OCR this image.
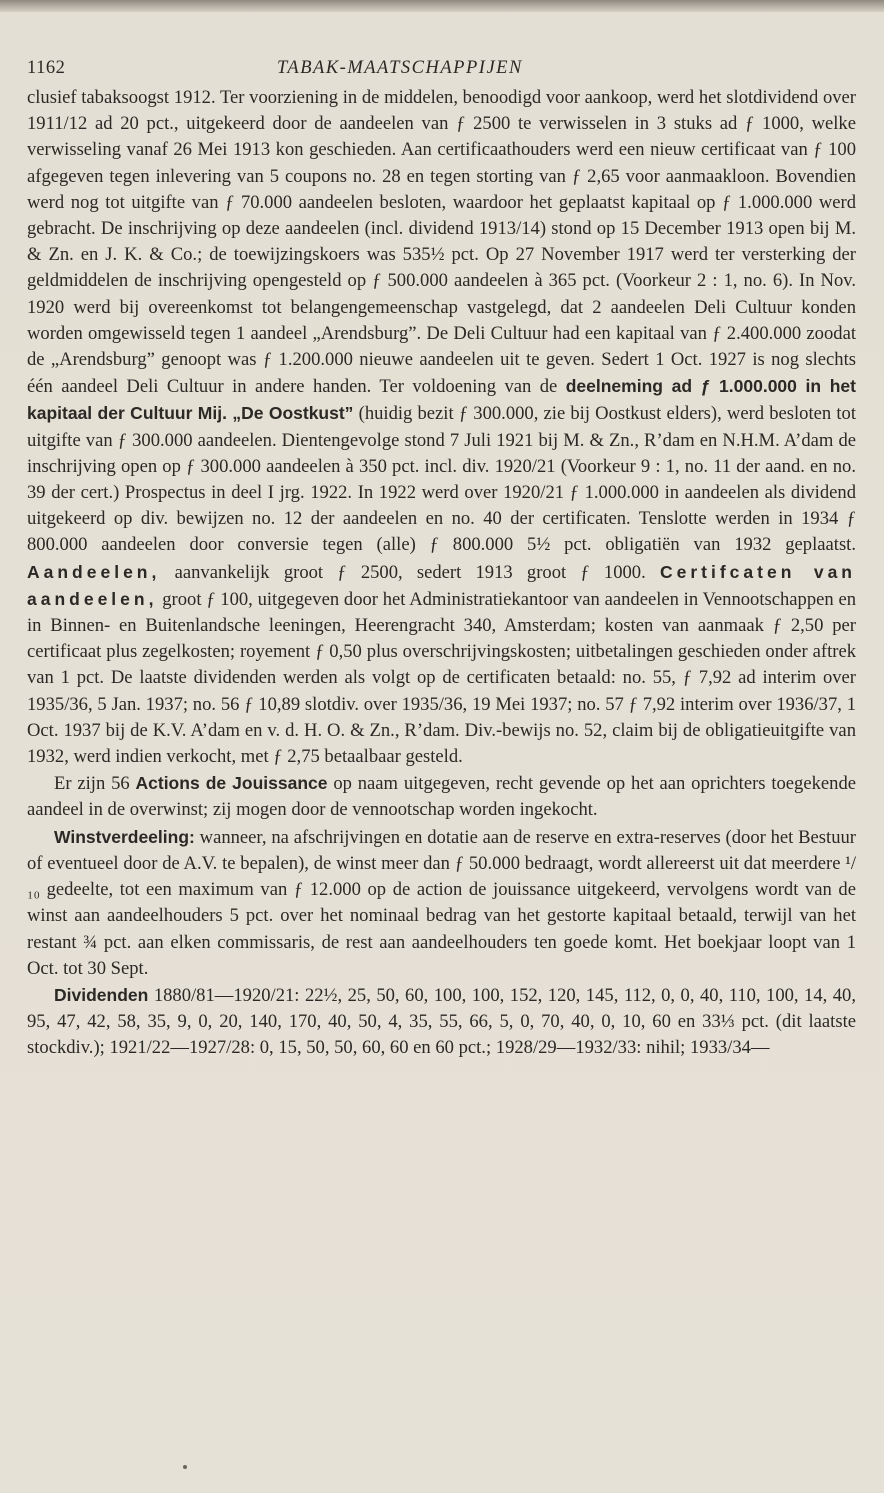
1162	TABAK-MAATSCHAPPIJEN

clusief tabaksoogst 1912. Ter voorziening in de middelen, benoodigd voor aankoop, werd het slotdividend over 1911/12 ad 20 pct., uitgekeerd door de aandeelen van ƒ 2500 te verwisselen in 3 stuks ad ƒ 1000, welke verwisseling vanaf 26 Mei 1913 kon geschieden. Aan certificaathouders werd een nieuw certificaat van ƒ 100 afgegeven tegen inlevering van 5 coupons no. 28 en tegen storting van ƒ 2,65 voor aanmaakloon. Bovendien werd nog tot uitgifte van ƒ 70.000 aandeelen besloten, waardoor het geplaatst kapitaal op ƒ 1.000.000 werd gebracht. De inschrijving op deze aandeelen (incl. dividend 1913/14) stond op 15 December 1913 open bij M. & Zn. en J. K. & Co.; de toewijzingskoers was 535½ pct. Op 27 November 1917 werd ter versterking der geldmiddelen de inschrijving opengesteld op ƒ 500.000 aandeelen à 365 pct. (Voorkeur 2 : 1, no. 6). In Nov. 1920 werd bij overeenkomst tot belangengemeenschap vastgelegd, dat 2 aandeelen Deli Cultuur konden worden omgewisseld tegen 1 aandeel „Arendsburg”. De Deli Cultuur had een kapitaal van ƒ 2.400.000 zoodat de „Arendsburg” genoopt was ƒ 1.200.000 nieuwe aandeelen uit te geven. Sedert 1 Oct. 1927 is nog slechts één aandeel Deli Cultuur in andere handen. Ter voldoening van de deelneming ad ƒ 1.000.000 in het kapitaal der Cultuur Mij. „De Oostkust” (huidig bezit ƒ 300.000, zie bij Oostkust elders), werd besloten tot uitgifte van ƒ 300.000 aandeelen. Dientengevolge stond 7 Juli 1921 bij M. & Zn., R’dam en N.H.M. A’dam de inschrijving open op ƒ 300.000 aandeelen à 350 pct. incl. div. 1920/21 (Voorkeur 9 : 1, no. 11 der aand. en no. 39 der cert.) Prospectus in deel I jrg. 1922. In 1922 werd over 1920/21 ƒ 1.000.000 in aandeelen als dividend uitgekeerd op div. bewijzen no. 12 der aandeelen en no. 40 der certificaten. Tenslotte werden in 1934 ƒ 800.000 aandeelen door conversie tegen (alle) ƒ 800.000 5½ pct. obligatiën van 1932 geplaatst. Aandeelen, aanvankelijk groot ƒ 2500, sedert 1913 groot ƒ 1000. Certifcaten van aandeelen, groot ƒ 100, uitgegeven door het Administratiekantoor van aandeelen in Vennootschappen en in Binnen- en Buitenlandsche leeningen, Heerengracht 340, Amsterdam; kosten van aanmaak ƒ 2,50 per certificaat plus zegelkosten; royement ƒ 0,50 plus overschrijvingskosten; uitbetalingen geschieden onder aftrek van 1 pct. De laatste dividenden werden als volgt op de certificaten betaald: no. 55, ƒ 7,92 ad interim over 1935/36, 5 Jan. 1937; no. 56 ƒ 10,89 slotdiv. over 1935/36, 19 Mei 1937; no. 57 ƒ 7,92 interim over 1936/37, 1 Oct. 1937 bij de K.V. A’dam en v. d. H. O. & Zn., R’dam. Div.-bewijs no. 52, claim bij de obligatieuitgifte van 1932, werd indien verkocht, met ƒ 2,75 betaalbaar gesteld.

Er zijn 56 Actions de Jouissance op naam uitgegeven, recht gevende op het aan oprichters toegekende aandeel in de overwinst; zij mogen door de vennootschap worden ingekocht.

Winstverdeeling: wanneer, na afschrijvingen en dotatie aan de reserve en extra-reserves (door het Bestuur of eventueel door de A.V. te bepalen), de winst meer dan ƒ 50.000 bedraagt, wordt allereerst uit dat meerdere ¹/₁₀ gedeelte, tot een maximum van ƒ 12.000 op de action de jouissance uitgekeerd, vervolgens wordt van de winst aan aandeelhouders 5 pct. over het nominaal bedrag van het gestorte kapitaal betaald, terwijl van het restant ¾ pct. aan elken commissaris, de rest aan aandeelhouders ten goede komt. Het boekjaar loopt van 1 Oct. tot 30 Sept.

Dividenden 1880/81—1920/21: 22½, 25, 50, 60, 100, 100, 152, 120, 145, 112, 0, 0, 40, 110, 100, 14, 40, 95, 47, 42, 58, 35, 9, 0, 20, 140, 170, 40, 50, 4, 35, 55, 66, 5, 0, 70, 40, 0, 10, 60 en 33⅓ pct. (dit laatste stockdiv.); 1921/22—1927/28: 0, 15, 50, 50, 60, 60 en 60 pct.; 1928/29—1932/33: nihil; 1933/34—
